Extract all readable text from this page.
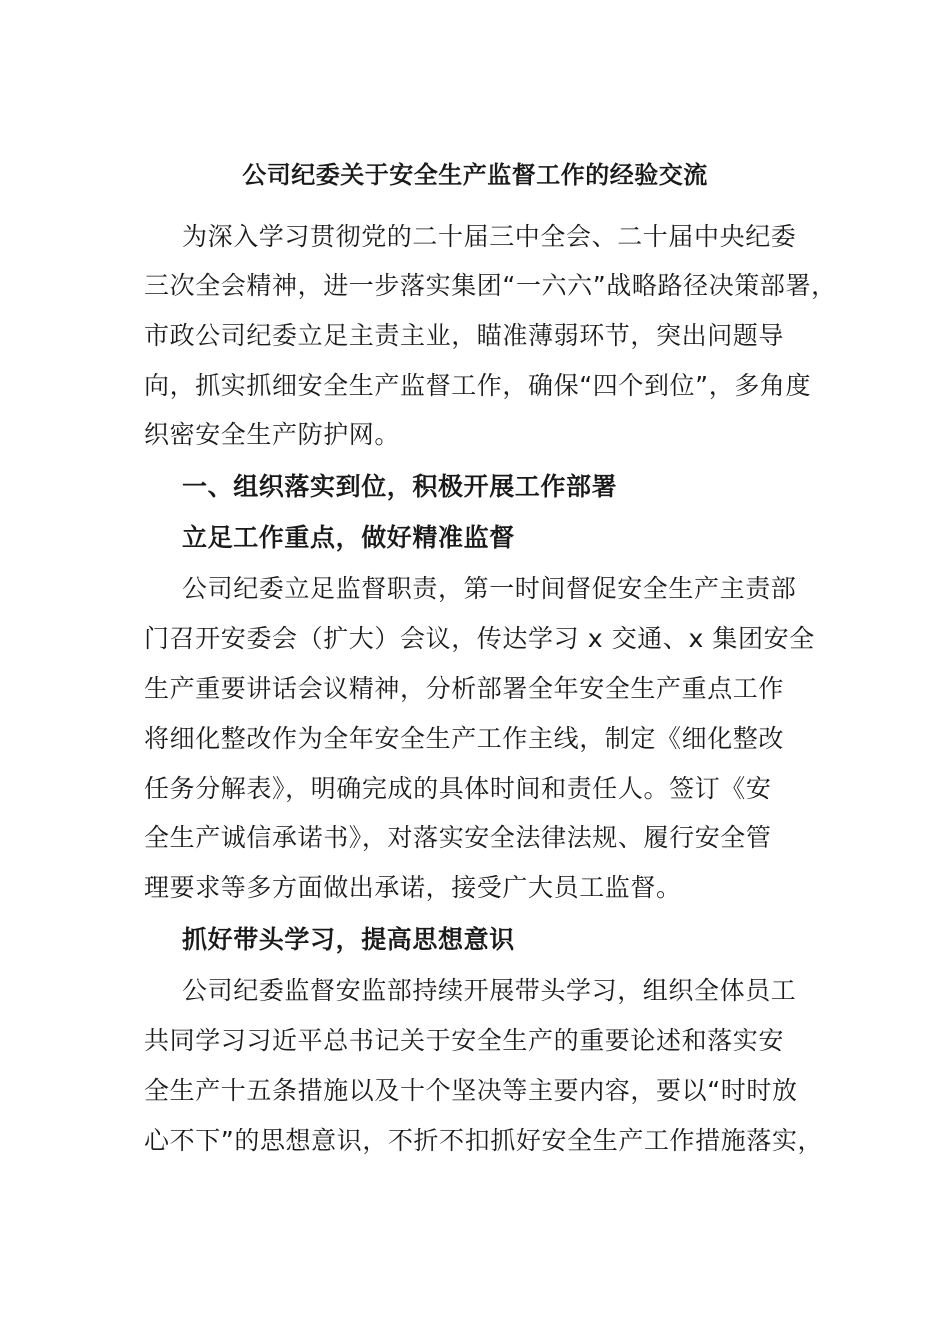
公司纪委关于安全生产监督工作的经验交流
为深入学习贯彻党的二十届三中全会、二十届中央纪委
三次全会精神，进一步落实集团“一六六”战略路径决策部署，
市政公司纪委立足主责主业，瞄准薄弱环节，突出问题导
向，抓实抓细安全生产监督工作，确保“四个到位”，多角度
织密安全生产防护网。
一、组织落实到位，积极开展工作部署
立足工作重点，做好精准监督
公司纪委立足监督职责，第一时间督促安全生产主责部
门召开安委会（扩大）会议，传达学习 x 交通、x 集团安全
生产重要讲话会议精神，分析部署全年安全生产重点工作
将细化整改作为全年安全生产工作主线，制定《细化整改
任务分解表》，明确完成的具体时间和责任人。签订《安
全生产诚信承诺书》，对落实安全法律法规、履行安全管
理要求等多方面做出承诺，接受广大员工监督。
抓好带头学习，提高思想意识
公司纪委监督安监部持续开展带头学习，组织全体员工
共同学习习近平总书记关于安全生产的重要论述和落实安
全生产十五条措施以及十个坚决等主要内容，要以“时时放
心不下”的思想意识，不折不扣抓好安全生产工作措施落实，
